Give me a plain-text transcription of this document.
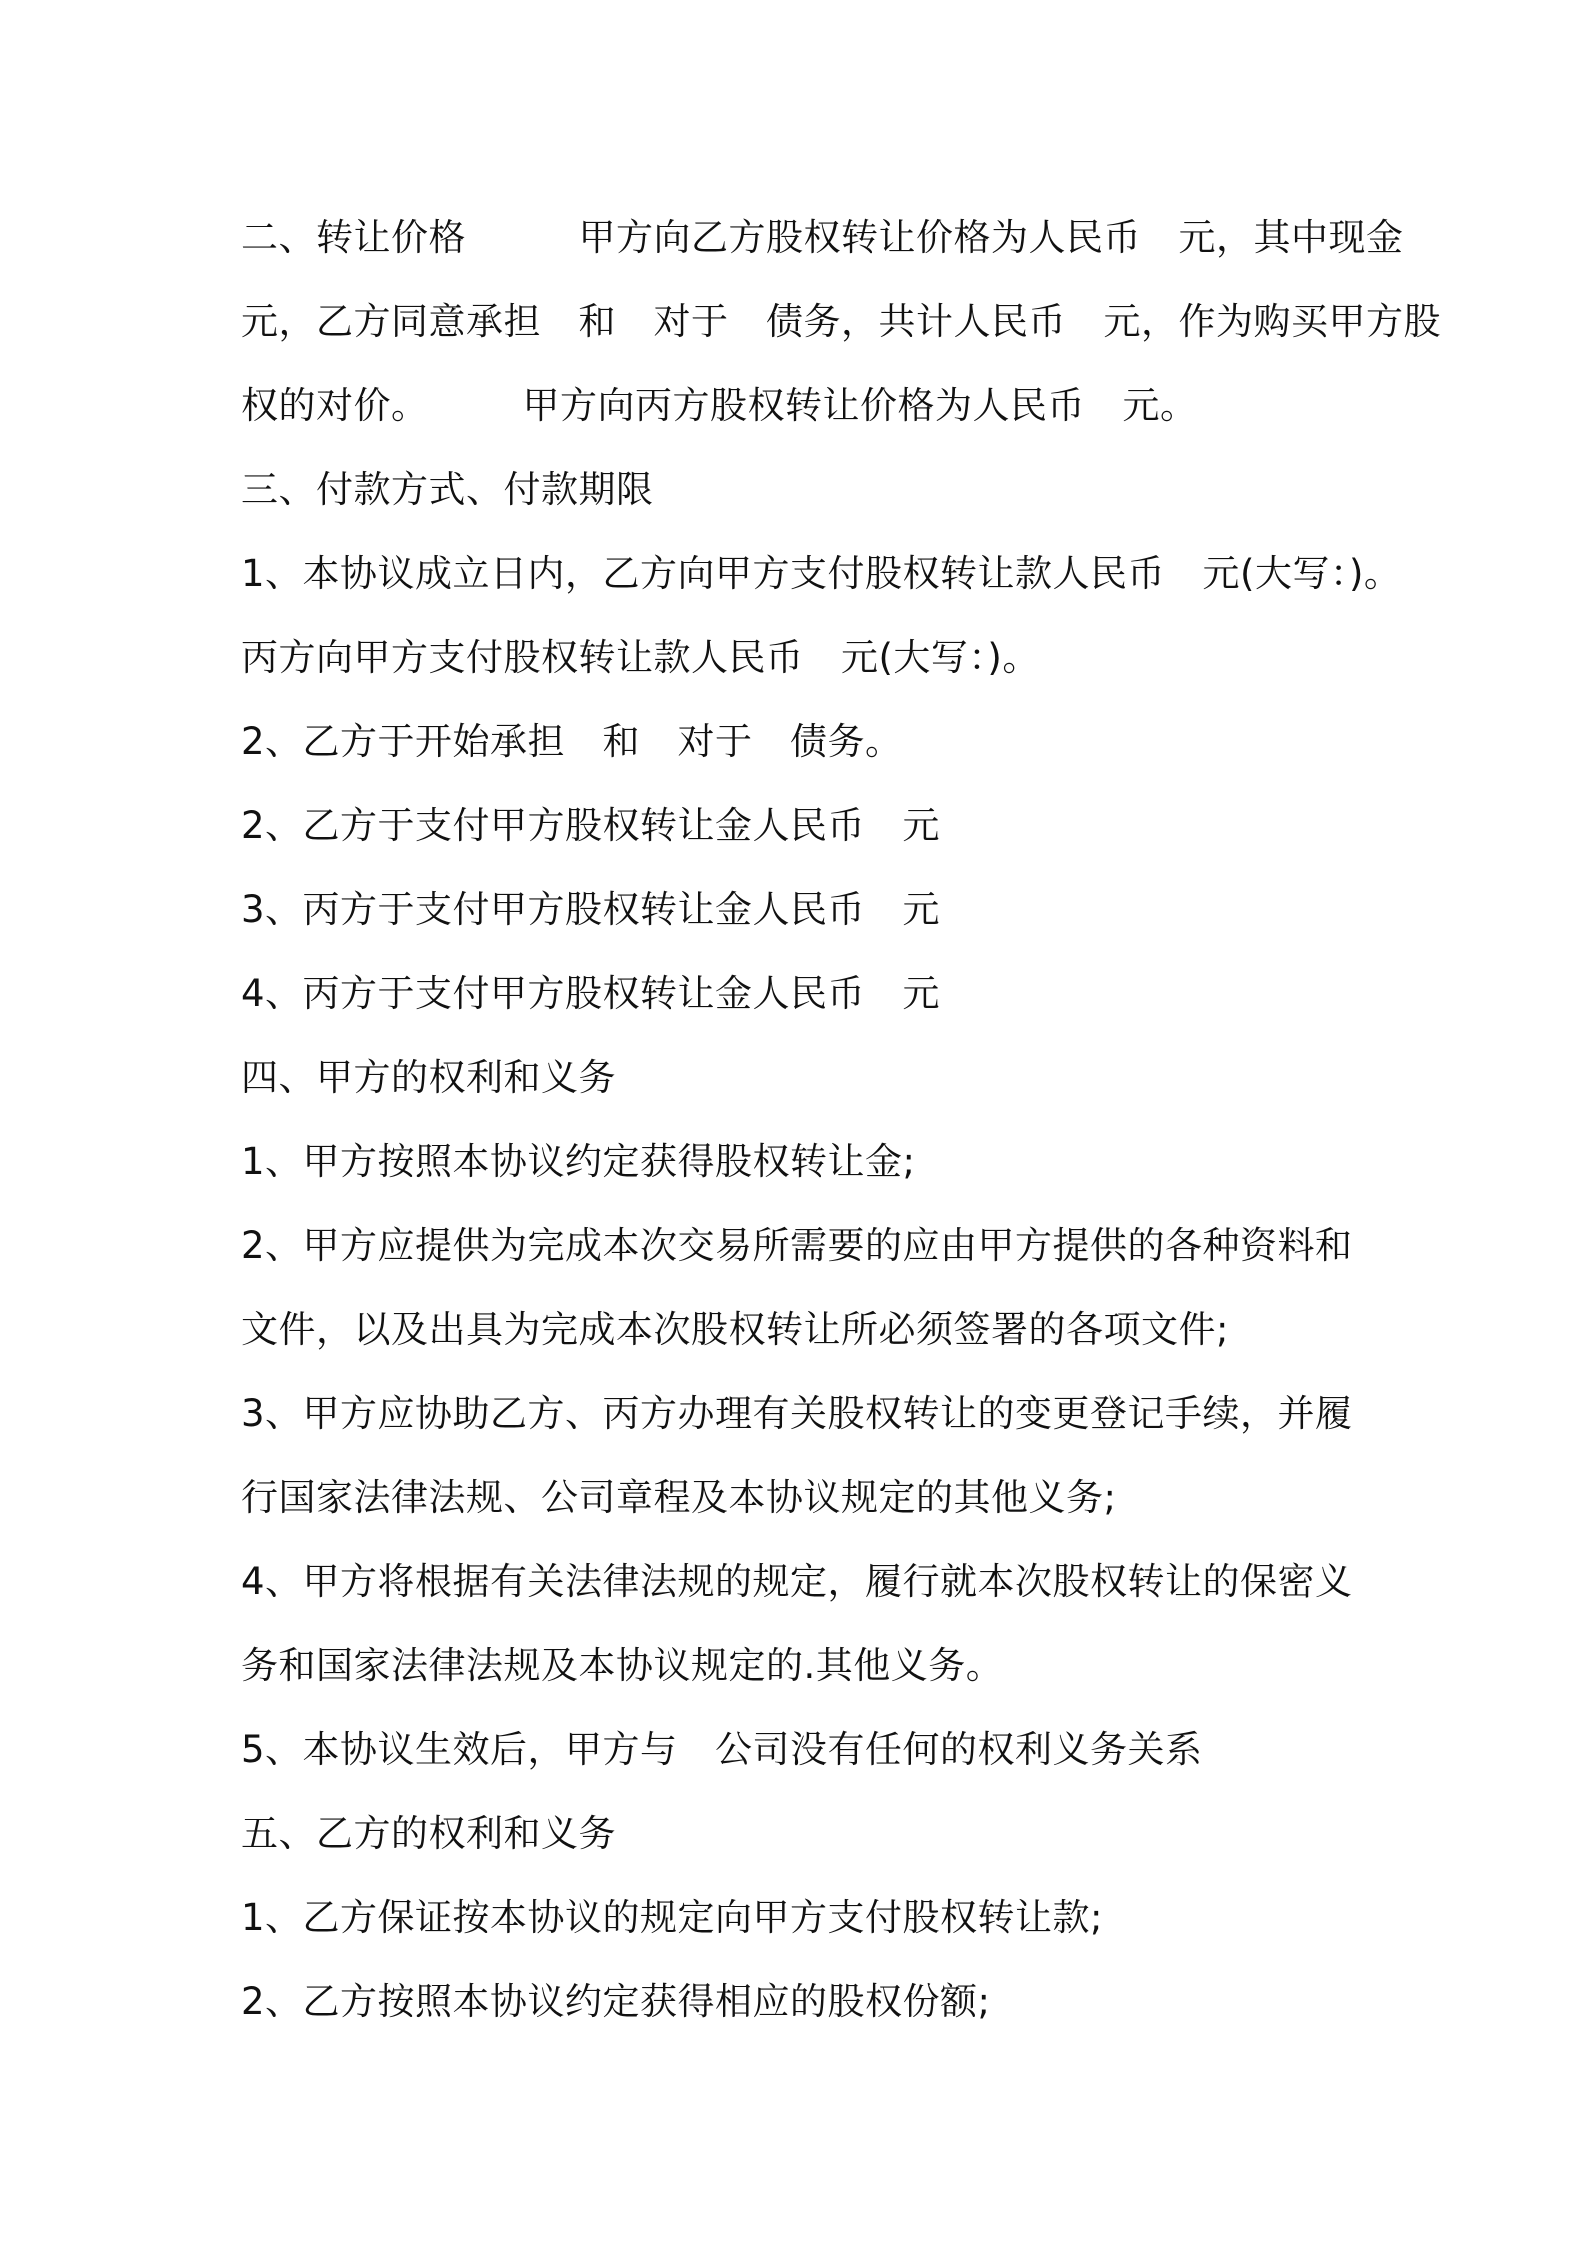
二、转让价格　　　甲方向乙方股权转让价格为人民币　元，其中现金
元，乙方同意承担　和　对于　债务，共计人民币　元，作为购买甲方股
权的对价。　　　甲方向丙方股权转让价格为人民币　元。
三、付款方式、付款期限
1、本协议成立日内，乙方向甲方支付股权转让款人民币　元(大写：)。
丙方向甲方支付股权转让款人民币　元(大写：)。
2、乙方于开始承担　和　对于　债务。
2、乙方于支付甲方股权转让金人民币　元
3、丙方于支付甲方股权转让金人民币　元
4、丙方于支付甲方股权转让金人民币　元
四、甲方的权利和义务
1、甲方按照本协议约定获得股权转让金;
2、甲方应提供为完成本次交易所需要的应由甲方提供的各种资料和
文件，以及出具为完成本次股权转让所必须签署的各项文件;
3、甲方应协助乙方、丙方办理有关股权转让的变更登记手续，并履
行国家法律法规、公司章程及本协议规定的其他义务;
4、甲方将根据有关法律法规的规定，履行就本次股权转让的保密义
务和国家法律法规及本协议规定的.其他义务。
5、本协议生效后，甲方与　公司没有任何的权利义务关系
五、乙方的权利和义务
1、乙方保证按本协议的规定向甲方支付股权转让款;
2、乙方按照本协议约定获得相应的股权份额;
